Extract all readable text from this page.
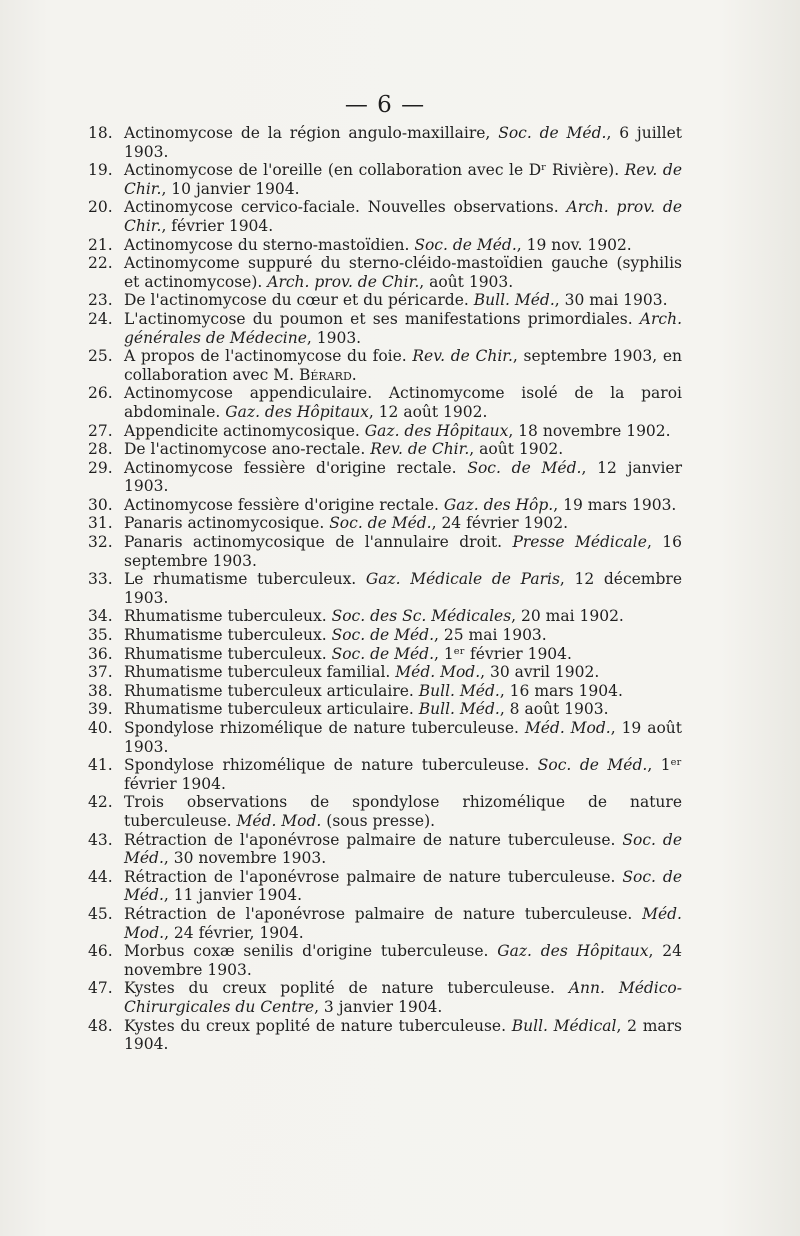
— 6 —
18. Actinomycose de la région angulo-maxillaire, Soc. de Méd., 6 juillet 1903.
19. Actinomycose de l'oreille (en collaboration avec le Dʳ Rivière). Rev. de Chir., 10 janvier 1904.
20. Actinomycose cervico-faciale. Nouvelles observations. Arch. prov. de Chir., février 1904.
21. Actinomycose du sterno-mastoïdien. Soc. de Méd., 19 nov. 1902.
22. Actinomycome suppuré du sterno-cléido-mastoïdien gauche (syphilis et actinomycose). Arch. prov. de Chir., août 1903.
23. De l'actinomycose du cœur et du péricarde. Bull. Méd., 30 mai 1903.
24. L'actinomycose du poumon et ses manifestations primordiales. Arch. générales de Médecine, 1903.
25. A propos de l'actinomycose du foie. Rev. de Chir., septembre 1903, en collaboration avec M. Bérard.
26. Actinomycose appendiculaire. Actinomycome isolé de la paroi abdominale. Gaz. des Hôpitaux, 12 août 1902.
27. Appendicite actinomycosique. Gaz. des Hôpitaux, 18 novembre 1902.
28. De l'actinomycose ano-rectale. Rev. de Chir., août 1902.
29. Actinomycose fessière d'origine rectale. Soc. de Méd., 12 janvier 1903.
30. Actinomycose fessière d'origine rectale. Gaz. des Hôp., 19 mars 1903.
31. Panaris actinomycosique. Soc. de Méd., 24 février 1902.
32. Panaris actinomycosique de l'annulaire droit. Presse Médicale, 16 septembre 1903.
33. Le rhumatisme tuberculeux. Gaz. Médicale de Paris, 12 décembre 1903.
34. Rhumatisme tuberculeux. Soc. des Sc. Médicales, 20 mai 1902.
35. Rhumatisme tuberculeux. Soc. de Méd., 25 mai 1903.
36. Rhumatisme tuberculeux. Soc. de Méd., 1ᵉʳ février 1904.
37. Rhumatisme tuberculeux familial. Méd. Mod., 30 avril 1902.
38. Rhumatisme tuberculeux articulaire. Bull. Méd., 16 mars 1904.
39. Rhumatisme tuberculeux articulaire. Bull. Méd., 8 août 1903.
40. Spondylose rhizomélique de nature tuberculeuse. Méd. Mod., 19 août 1903.
41. Spondylose rhizomélique de nature tuberculeuse. Soc. de Méd., 1ᵉʳ février 1904.
42. Trois observations de spondylose rhizomélique de nature tuberculeuse. Méd. Mod. (sous presse).
43. Rétraction de l'aponévrose palmaire de nature tuberculeuse. Soc. de Méd., 30 novembre 1903.
44. Rétraction de l'aponévrose palmaire de nature tuberculeuse. Soc. de Méd., 11 janvier 1904.
45. Rétraction de l'aponévrose palmaire de nature tuberculeuse. Méd. Mod., 24 février, 1904.
46. Morbus coxæ senilis d'origine tuberculeuse. Gaz. des Hôpitaux, 24 novembre 1903.
47. Kystes du creux poplité de nature tuberculeuse. Ann. Médico-Chirurgicales du Centre, 3 janvier 1904.
48. Kystes du creux poplité de nature tuberculeuse. Bull. Médical, 2 mars 1904.
